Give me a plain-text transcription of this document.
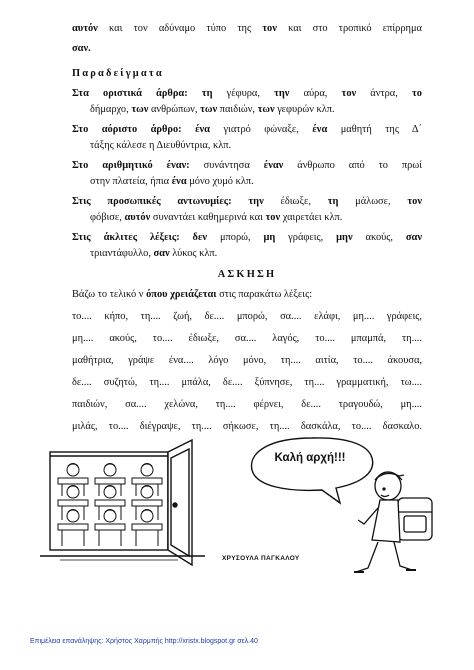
αυτόν και τον αδύναμο τύπο της τον και στο τροπικό επίρρημα
σαν.
Παραδείγματα
Στα οριστικά άρθρα: τη γέφυρα, την αύρα, τον άντρα, το
δήμαρχο, των ανθρώπων, των παιδιών, των γεφυρών κλπ.
Στο αόριστο άρθρο: ένα γιατρό φώναξε, ένα μαθητή της Δ΄
τάξης κάλεσε η Διευθύντρια, κλπ.
Στο αριθμητικό έναν: συνάντησα έναν άνθρωπο από το πρωί
στην πλατεία, ήπια ένα μόνο χυμό κλπ.
Στις προσωπικές αντωνυμίες: την έδιωξε, τη μάλωσε, τον
φόβισε, αυτόν συναντάει καθημερινά και τον χαιρετάει κλπ.
Στις άκλιτες λέξεις: δεν μπορώ, μη γράφεις, μην ακούς, σαν
τριαντάφυλλο, σαν λύκος κλπ.
ΑΣΚΗΣΗ
Βάζω το τελικό ν όπου χρειάζεται στις παρακάτω λέξεις:
το.... κήπο, τη.... ζωή, δε.... μπορώ, σα.... ελάφι, μη.... γράφεις,
μη.... ακούς, το.... έδιωξε, σα.... λαγός, το.... μπαμπά, τη....
μαθήτρια, γράψε ένα.... λόγο μόνο, τη.... αιτία, το.... άκουσα,
δε.... συζητώ, τη.... μπάλα, δε.... ξύπνησε, τη.... γραμματική, τω....
παιδιών, σα.... χελώνα, τη.... φέρνει, δε.... τραγουδώ, μη....
μιλάς, το.... διέγραψε, τη.... σήκωσε, τη.... δασκάλα, το.... δασκαλο.
Καλή αρχή!!!
ΧΡΥΣΟΥΛΑ ΠΑΓΚΑΛΟΥ
Επιμέλεια επανάληψης: Χρήστος Χαρμπής http://xristx.blogspot.gr σελ.40
